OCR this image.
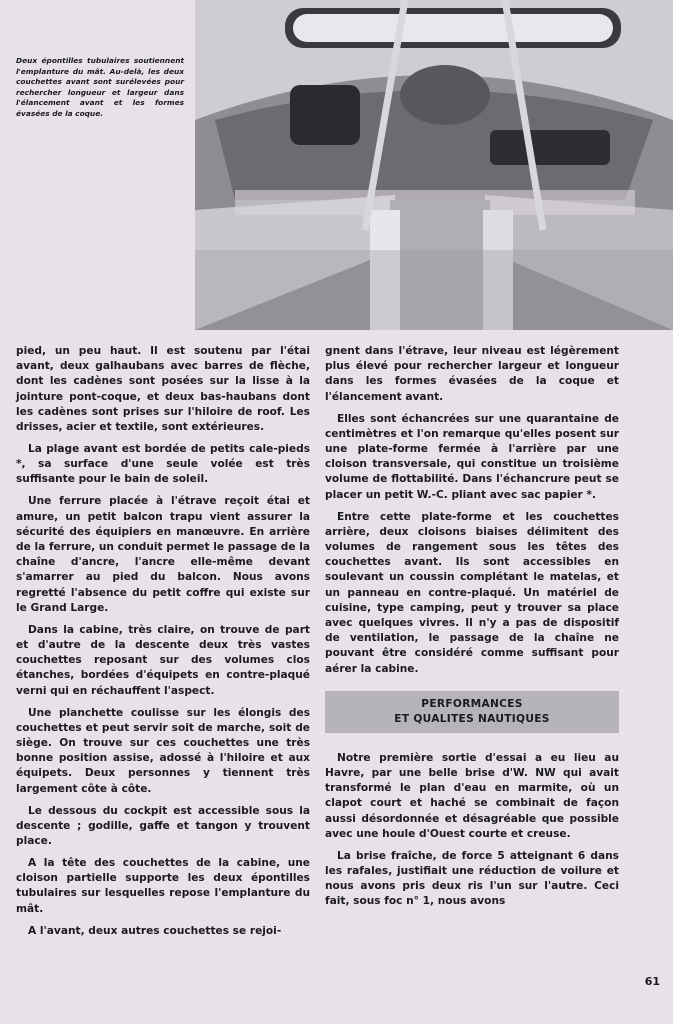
Deux épontilles tubulaires soutiennent l'emplanture du mât. Au-delà, les deux couchettes avant sont surélevées pour rechercher longueur et largeur dans l'élancement avant et les formes évasées de la coque.

pied, un peu haut. Il est soutenu par l'étai avant, deux galhaubans avec barres de flèche, dont les cadènes sont posées sur la lisse à la jointure pont-coque, et deux bas-haubans dont les cadènes sont prises sur l'hiloire de roof. Les drisses, acier et textile, sont extérieures.

La plage avant est bordée de petits cale-pieds *, sa surface d'une seule volée est très suffisante pour le bain de soleil.

Une ferrure placée à l'étrave reçoit étai et amure, un petit balcon trapu vient assurer la sécurité des équipiers en manœuvre. En arrière de la ferrure, un conduit permet le passage de la chaîne d'ancre, l'ancre elle-même devant s'amarrer au pied du balcon. Nous avons regretté l'absence du petit coffre qui existe sur le Grand Large.

Dans la cabine, très claire, on trouve de part et d'autre de la descente deux très vastes couchettes reposant sur des volumes clos étanches, bordées d'équipets en contre-plaqué verni qui en réchauffent l'aspect.

Une planchette coulisse sur les élongis des couchettes et peut servir soit de marche, soit de siège. On trouve sur ces couchettes une très bonne position assise, adossé à l'hiloire et aux équipets. Deux personnes y tiennent très largement côte à côte.

Le dessous du cockpit est accessible sous la descente ; godille, gaffe et tangon y trouvent place.

A la tête des couchettes de la cabine, une cloison partielle supporte les deux épontilles tubulaires sur lesquelles repose l'emplanture du mât.

A l'avant, deux autres couchettes se rejoi-

gnent dans l'étrave, leur niveau est légèrement plus élevé pour rechercher largeur et longueur dans les formes évasées de la coque et l'élancement avant.

Elles sont échancrées sur une quarantaine de centimètres et l'on remarque qu'elles posent sur une plate-forme fermée à l'arrière par une cloison transversale, qui constitue un troisième volume de flottabilité. Dans l'échancrure peut se placer un petit W.-C. pliant avec sac papier *.

Entre cette plate-forme et les couchettes arrière, deux cloisons biaises délimitent des volumes de rangement sous les têtes des couchettes avant. Ils sont accessibles en soulevant un coussin complétant le matelas, et un panneau en contre-plaqué. Un matériel de cuisine, type camping, peut y trouver sa place avec quelques vivres. Il n'y a pas de dispositif de ventilation, le passage de la chaîne ne pouvant être considéré comme suffisant pour aérer la cabine.

PERFORMANCES
ET QUALITES NAUTIQUES

Notre première sortie d'essai a eu lieu au Havre, par une belle brise d'W. NW qui avait transformé le plan d'eau en marmite, où un clapot court et haché se combinait de façon aussi désordonnée et désagréable que possible avec une houle d'Ouest courte et creuse.

La brise fraîche, de force 5 atteignant 6 dans les rafales, justifiait une réduction de voilure et nous avons pris deux ris l'un sur l'autre. Ceci fait, sous foc n° 1, nous avons

61
